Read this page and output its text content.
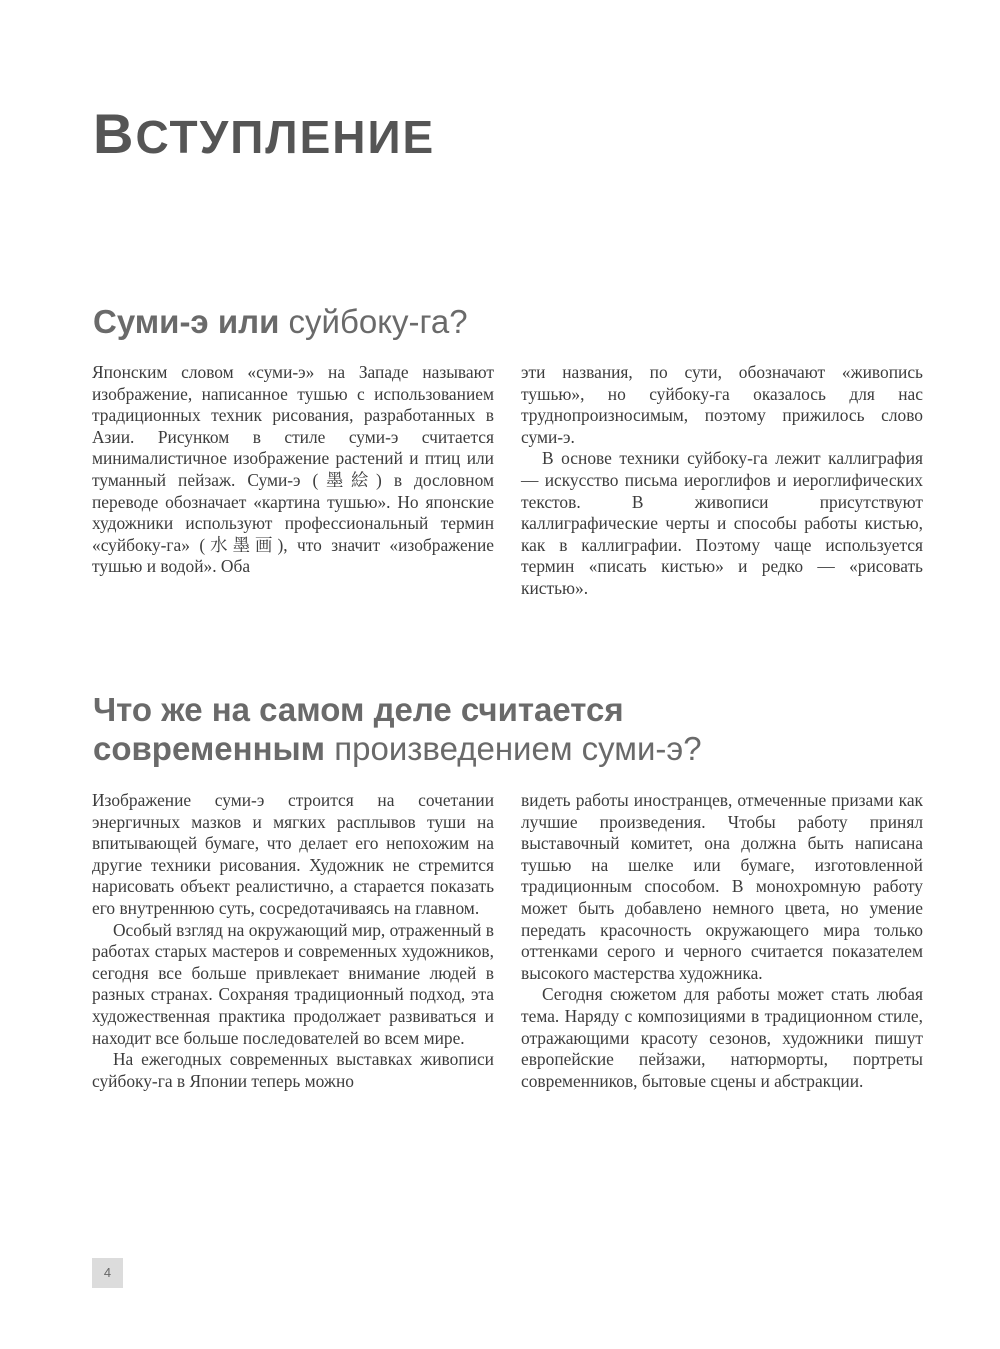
ВСТУПЛЕНИЕ
Суми-э или суйбоку-га?

Японским словом «суми-э» на Западе называют изображение, написанное тушью с использованием традиционных техник рисования, разработанных в Азии. Рисунком в стиле суми-э считается минималистичное изображение растений и птиц или туманный пейзаж. Суми-э (墨絵) в дословном переводе обозначает «картина тушью». Но японские художники используют профессиональный термин «суйбоку-га» (水墨画), что значит «изображение тушью и водой». Оба

эти названия, по сути, обозначают «живопись тушью», но суйбоку-га оказалось для нас труднопроизносимым, поэтому прижилось слово суми-э.

В основе техники суйбоку-га лежит каллиграфия — искусство письма иероглифов и иероглифических текстов. В живописи присутствуют каллиграфические черты и способы работы кистью, как в каллиграфии. Поэтому чаще используется термин «писать кистью» и редко — «рисовать кистью».

Что же на самом деле считается
современным произведением суми-э?

Изображение суми-э строится на сочетании энергичных мазков и мягких расплывов туши на впитывающей бумаге, что делает его непохожим на другие техники рисования. Художник не стремится нарисовать объект реалистично, а старается показать его внутреннюю суть, сосредотачиваясь на главном.

Особый взгляд на окружающий мир, отраженный в работах старых мастеров и современных художников, сегодня все больше привлекает внимание людей в разных странах. Сохраняя традиционный подход, эта художественная практика продолжает развиваться и находит все больше последователей во всем мире.

На ежегодных современных выставках живописи суйбоку-га в Японии теперь можно

видеть работы иностранцев, отмеченные призами как лучшие произведения. Чтобы работу принял выставочный комитет, она должна быть написана тушью на шелке или бумаге, изготовленной традиционным способом. В монохромную работу может быть добавлено немного цвета, но умение передать красочность окружающего мира только оттенками серого и черного считается показателем высокого мастерства художника.

Сегодня сюжетом для работы может стать любая тема. Наряду с композициями в традиционном стиле, отражающими красоту сезонов, художники пишут европейские пейзажи, натюрморты, портреты современников, бытовые сцены и абстракции.

4
